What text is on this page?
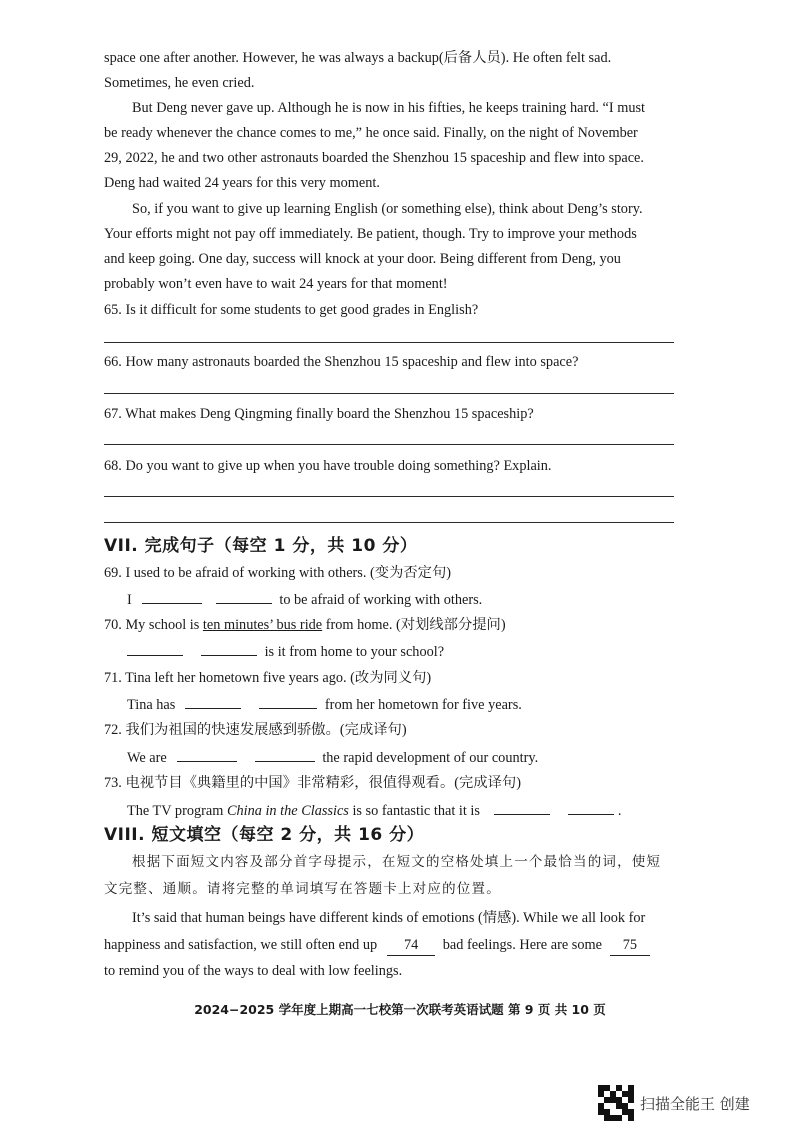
space one after another. However, he was always a backup(后备人员). He often felt sad.
Sometimes, he even cried.
But Deng never gave up. Although he is now in his fifties, he keeps training hard. “I must
be ready whenever the chance comes to me,” he once said. Finally, on the night of November
29, 2022, he and two other astronauts boarded the Shenzhou 15 spaceship and flew into space.
Deng had waited 24 years for this very moment.
So, if you want to give up learning English (or something else), think about Deng’s story.
Your efforts might not pay off immediately. Be patient, though. Try to improve your methods
and keep going. One day, success will knock at your door. Being different from Deng, you
probably won’t even have to wait 24 years for that moment!
65. Is it difficult for some students to get good grades in English?
66. How many astronauts boarded the Shenzhou 15 spaceship and flew into space?
67. What makes Deng Qingming finally board the Shenzhou 15 spaceship?
68. Do you want to give up when you have trouble doing something? Explain.
VII. 完成句子（每空 1 分，共 10 分）
69. I used to be afraid of working with others. (变为否定句)
I	to be afraid of working with others.
70. My school is ten minutes’ bus ride from home. (对划线部分提问)
is it from home to your school?
71. Tina left her hometown five years ago. (改为同义句)
Tina has	from her hometown for five years.
72. 我们为祖国的快速发展感到骄傲。(完成译句)
We are	the rapid development of our country.
73. 电视节目《典籍里的中国》非常精彩，很值得观看。(完成译句)
The TV program China in the Classics is so fantastic that it is	.
VIII. 短文填空（每空 2 分，共 16 分）
根据下面短文内容及部分首字母提示，在短文的空格处填上一个最恰当的词，使短
文完整、通顺。请将完整的单词填写在答题卡上对应的位置。
It’s said that human beings have different kinds of emotions (情感). While we all look for
happiness and satisfaction, we still often end up 74 bad feelings. Here are some 75
to remind you of the ways to deal with low feelings.
2024−2025 学年度上期高一七校第一次联考英语试题 第 9 页 共 10 页
扫描全能王 创建
